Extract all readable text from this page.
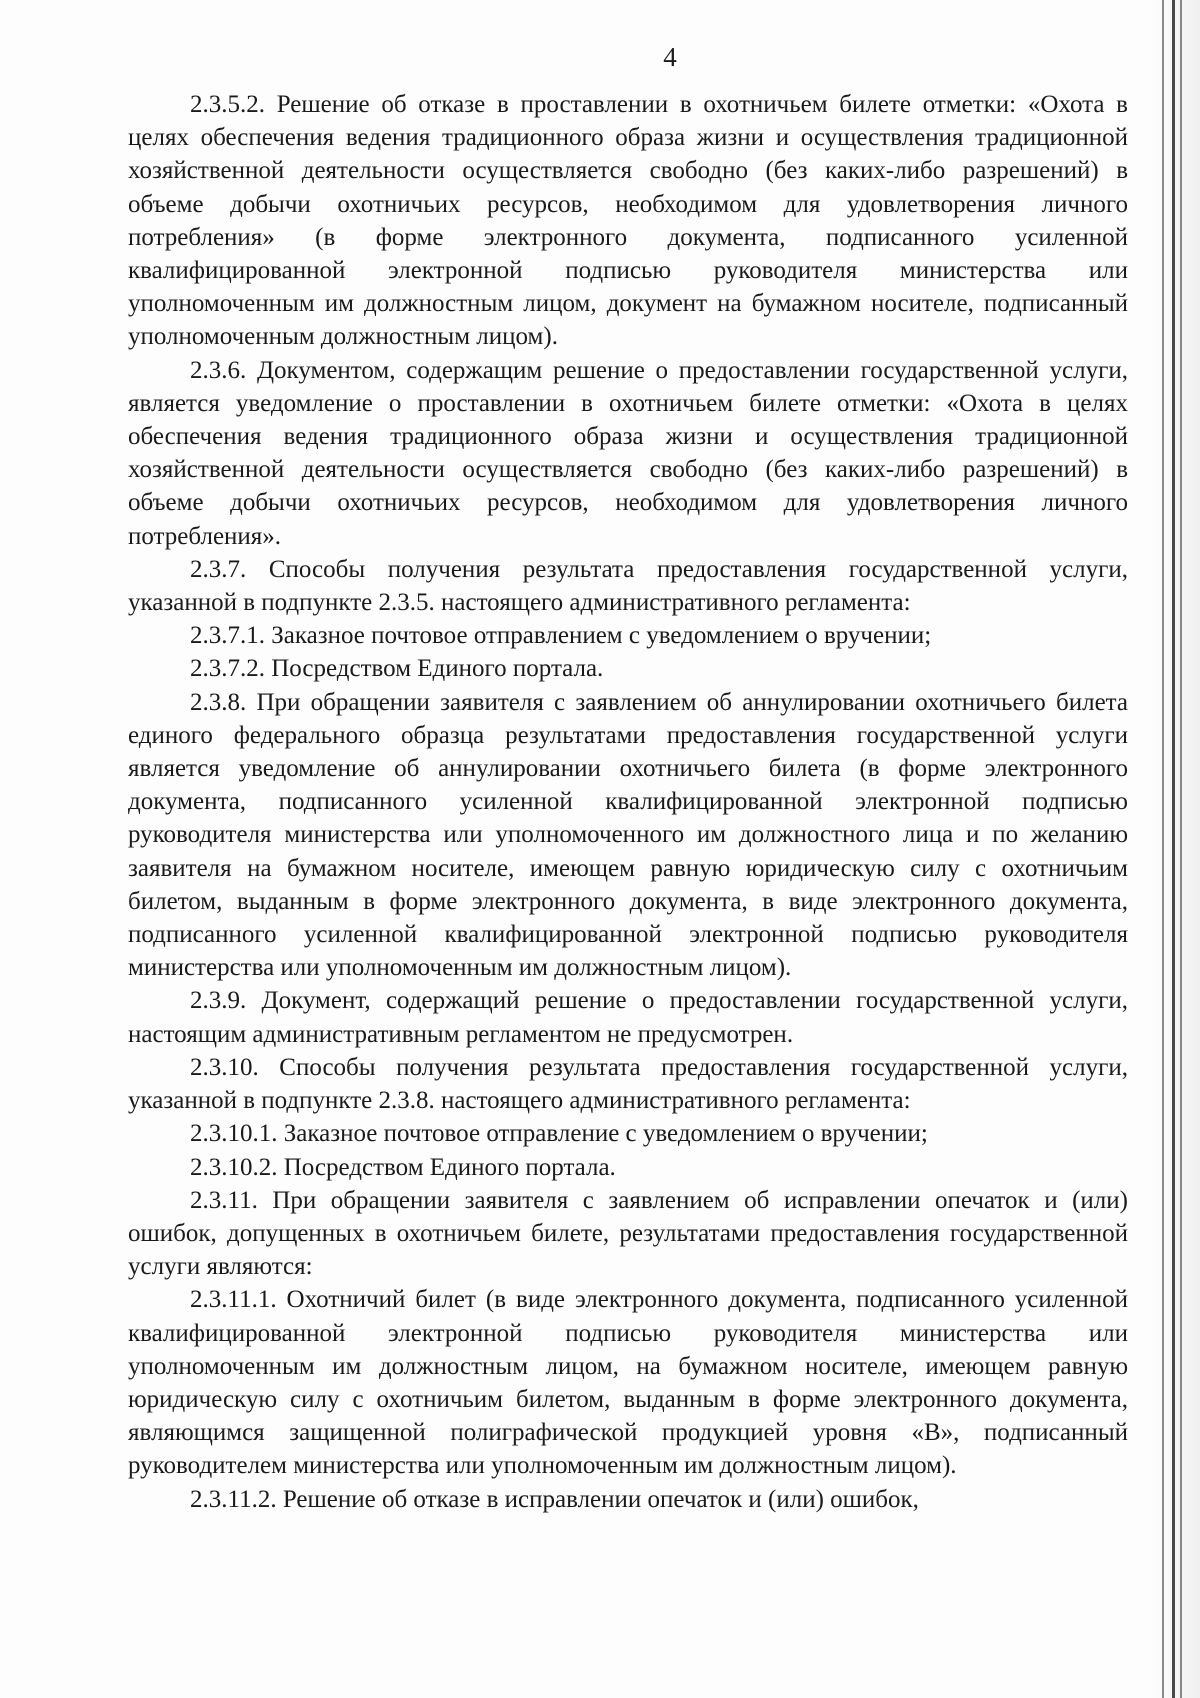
4

2.3.5.2. Решение об отказе в проставлении в охотничьем билете отметки: «Охота в целях обеспечения ведения традиционного образа жизни и осуществления традиционной хозяйственной деятельности осуществляется свободно (без каких-либо разрешений) в объеме добычи охотничьих ресурсов, необходимом для удовлетворения личного потребления» (в форме электронного документа, подписанного усиленной квалифицированной электронной подписью руководителя министерства или уполномоченным им должностным лицом, документ на бумажном носителе, подписанный уполномоченным должностным лицом).

2.3.6. Документом, содержащим решение о предоставлении государственной услуги, является уведомление о проставлении в охотничьем билете отметки: «Охота в целях обеспечения ведения традиционного образа жизни и осуществления традиционной хозяйственной деятельности осуществляется свободно (без каких-либо разрешений) в объеме добычи охотничьих ресурсов, необходимом для удовлетворения личного потребления».

2.3.7. Способы получения результата предоставления государственной услуги, указанной в подпункте 2.3.5. настоящего административного регламента:

2.3.7.1. Заказное почтовое отправлением с уведомлением о вручении;

2.3.7.2. Посредством Единого портала.

2.3.8. При обращении заявителя с заявлением об аннулировании охотничьего билета единого федерального образца результатами предоставления государственной услуги является уведомление об аннулировании охотничьего билета (в форме электронного документа, подписанного усиленной квалифицированной электронной подписью руководителя министерства или уполномоченного им должностного лица и по желанию заявителя на бумажном носителе, имеющем равную юридическую силу с охотничьим билетом, выданным в форме электронного документа, в виде электронного документа, подписанного усиленной квалифицированной электронной подписью руководителя министерства или уполномоченным им должностным лицом).

2.3.9. Документ, содержащий решение о предоставлении государственной услуги, настоящим административным регламентом не предусмотрен.

2.3.10. Способы получения результата предоставления государственной услуги, указанной в подпункте 2.3.8. настоящего административного регламента:

2.3.10.1. Заказное почтовое отправление с уведомлением о вручении;

2.3.10.2. Посредством Единого портала.

2.3.11. При обращении заявителя с заявлением об исправлении опечаток и (или) ошибок, допущенных в охотничьем билете, результатами предоставления государственной услуги являются:

2.3.11.1. Охотничий билет (в виде электронного документа, подписанного усиленной квалифицированной электронной подписью руководителя министерства или уполномоченным им должностным лицом, на бумажном носителе, имеющем равную юридическую силу с охотничьим билетом, выданным в форме электронного документа, являющимся защищенной полиграфической продукцией уровня «В», подписанный руководителем министерства или уполномоченным им должностным лицом).

2.3.11.2. Решение об отказе в исправлении опечаток и (или) ошибок,
